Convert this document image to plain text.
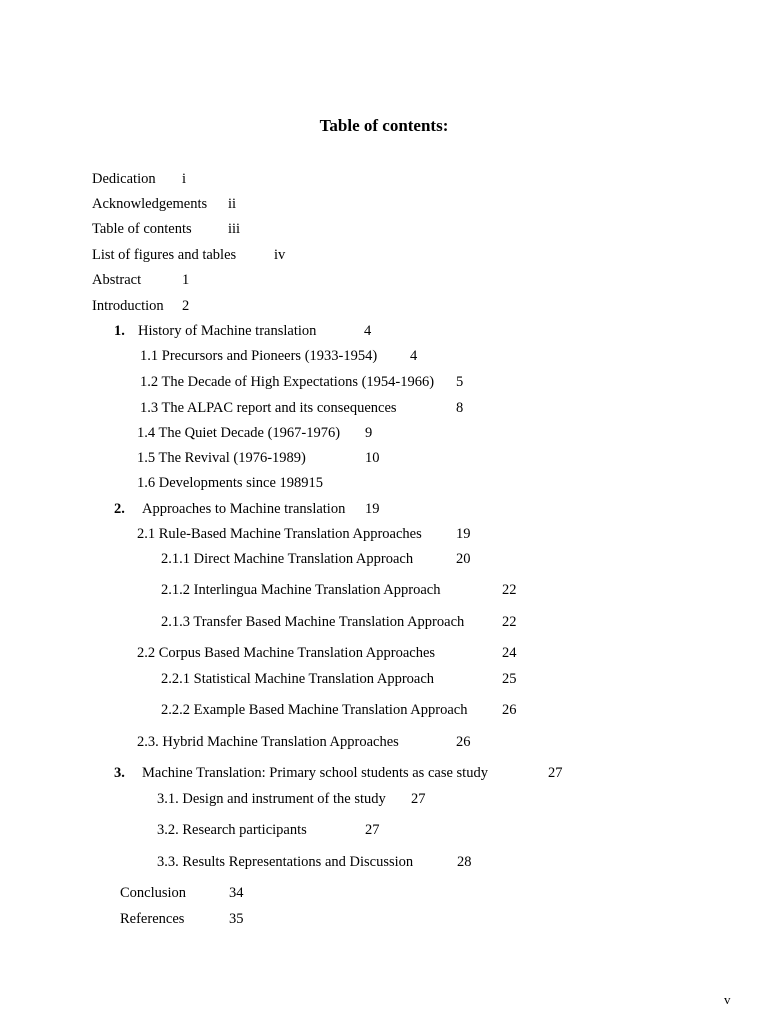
Table of contents:
Dedication i
Acknowledgements ii
Table of contents	iii
List of figures and tables	iv
Abstract	1
Introduction 2
1. History of Machine translation	4
1.1 Precursors and Pioneers (1933-1954) 4
1.2 The Decade of High Expectations (1954-1966) 5
1.3 The ALPAC report and its consequences	8
1.4 The Quiet Decade (1967-1976) 9
1.5 The Revival (1976-1989)	10
1.6 Developments since 198915
2. Approaches to Machine translation 19
2.1 Rule-Based Machine Translation Approaches 19
2.1.1 Direct Machine Translation Approach	20
2.1.2 Interlingua Machine Translation Approach	22
2.1.3 Transfer Based Machine Translation Approach	22
2.2 Corpus Based Machine Translation Approaches	24
2.2.1 Statistical Machine Translation Approach	25
2.2.2 Example Based Machine Translation Approach 26
2.3. Hybrid Machine Translation Approaches	26
3. Machine Translation: Primary school students as case study	27
3.1. Design and instrument of the study 27
3.2. Research participants	27
3.3. Results Representations and Discussion	28
Conclusion	34
References	35
v
